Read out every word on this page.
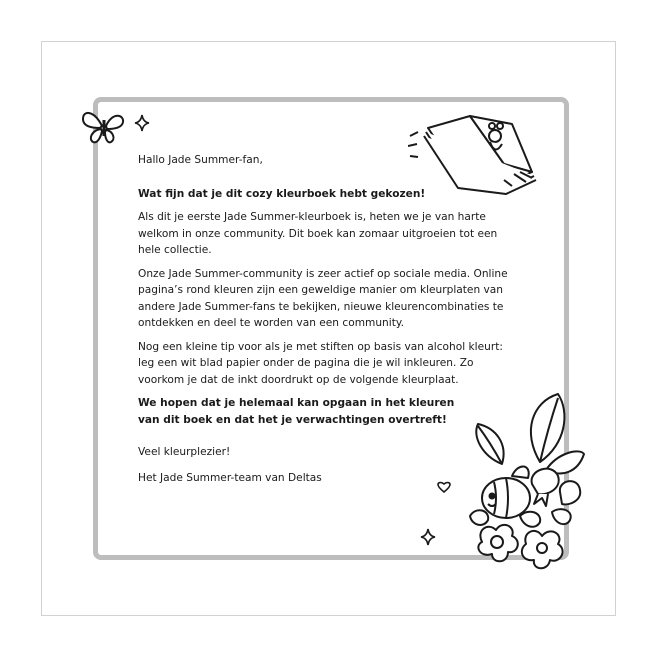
Hallo Jade Summer-fan,

Wat fijn dat je dit cozy kleurboek hebt gekozen!

Als dit je eerste Jade Summer-kleurboek is, heten we je van harte welkom in onze community. Dit boek kan zomaar uitgroeien tot een hele collectie.

Onze Jade Summer-community is zeer actief op sociale media. Online pagina’s rond kleuren zijn een geweldige manier om kleurplaten van andere Jade Summer-fans te bekijken, nieuwe kleurencombinaties te ontdekken en deel te worden van een community.

Nog een kleine tip voor als je met stiften op basis van alcohol kleurt: leg een wit blad papier onder de pagina die je wil inkleuren. Zo voorkom je dat de inkt doordrukt op de volgende kleurplaat.

We hopen dat je helemaal kan opgaan in het kleuren van dit boek en dat het je verwachtingen overtreft!

Veel kleurplezier!

Het Jade Summer-team van Deltas
